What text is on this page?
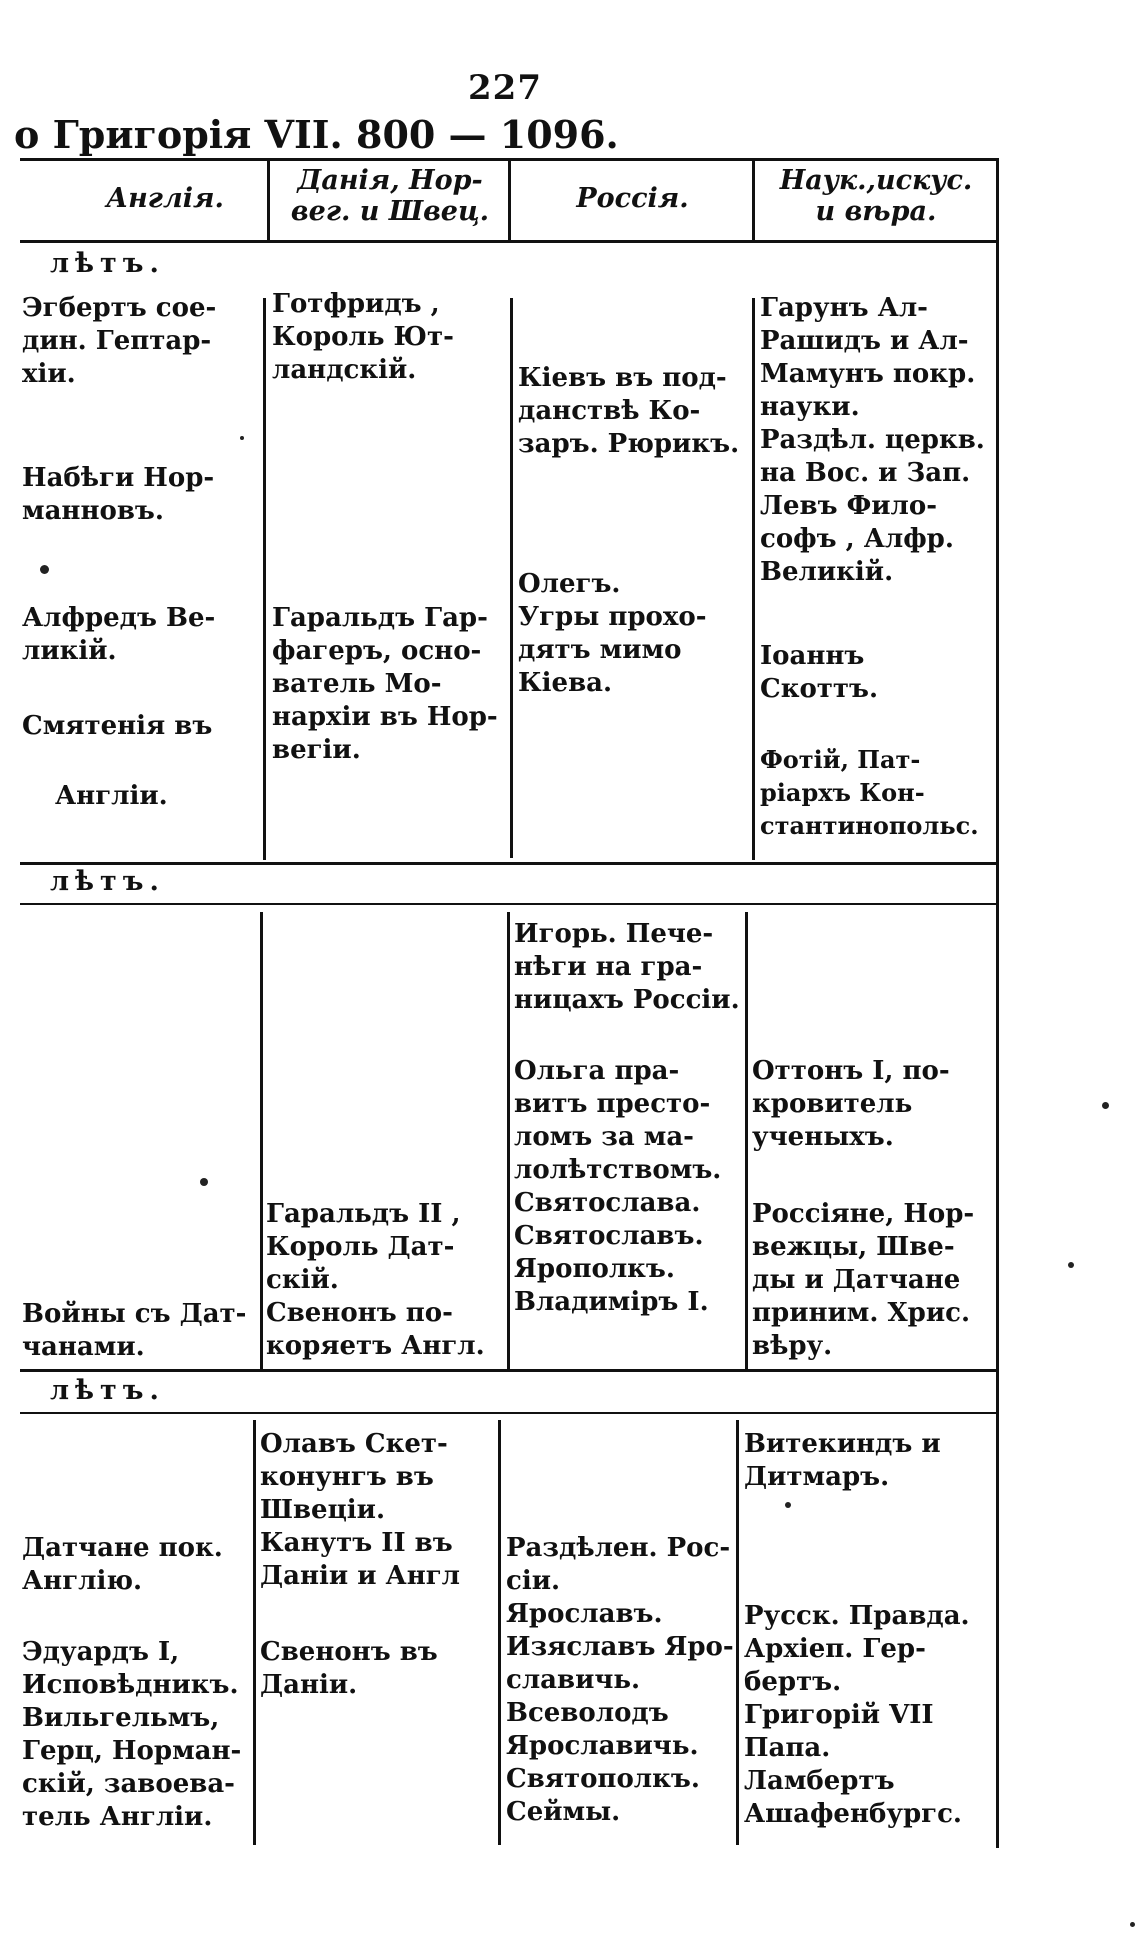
227
о Григорія VII. 800 — 1096.
Англія.
Данія, Нор-
вег. и Швец.	Россія.
Наук.,искус.
и вѣра.
лѣтъ.
лѣтъ.
лѣтъ.
Эгбертъ сое-
дин. Гептар-
хіи.
Набѣги Нор-
манновъ.
Алфредъ Ве-
ликій.
Смятенія въ
Англіи.
Готфридъ ,
Король Ют-
ландскій.
Гаральдъ Гар-
фагеръ, осно-
ватель Мо-
нархіи въ Нор-
вегіи.
Кіевъ въ под-
данствѣ Ко-
заръ. Рюрикъ.
Олегъ.
Угры прохо-
дятъ мимо
Кіева.
Гарунъ Ал-
Рашидъ и Ал-
Мамунъ покр.
науки.
Раздѣл. церкв.
на Вос. и Зап.
Левъ Фило-
софъ , Алфр.
Великій.
Іоаннъ
Скоттъ.
Фотій, Пат-
ріархъ Кон-
стантинопольс.
Войны съ Дат-
чанами.
Гаральдъ II ,
Король Дат-
скій.
Свенонъ по-
коряетъ Англ.
Игорь. Пече-
нѣги на гра-
ницахъ Россіи.
Ольга пра-
витъ престо-
ломъ за ма-
лолѣтствомъ.
Святослава.
Святославъ.
Ярополкъ.
Владиміръ I.
Оттонъ I, по-
кровитель
ученыхъ.
Россіяне, Нор-
вежцы, Шве-
ды и Датчане
приним. Хрис.
вѣру.
Датчане пок.
Англію.
Эдуардъ I,
Исповѣдникъ.
Вильгельмъ,
Герц, Норман-
скій, завоева-
тель Англіи.
Олавъ Скет-
конунгъ въ
Швеціи.
Канутъ II въ
Даніи и Англ
Свенонъ въ
Даніи.
Раздѣлен. Рос-
сіи.
Ярославъ.
Изяславъ Яро-
славичь.
Всеволодъ
Ярославичь.
Святополкъ.
Сеймы.
Витекиндъ и
Дитмаръ.
Русск. Правда.
Архіеп. Гер-
бертъ.
Григорій VII
Папа.
Ламбертъ
Ашафенбургс.
